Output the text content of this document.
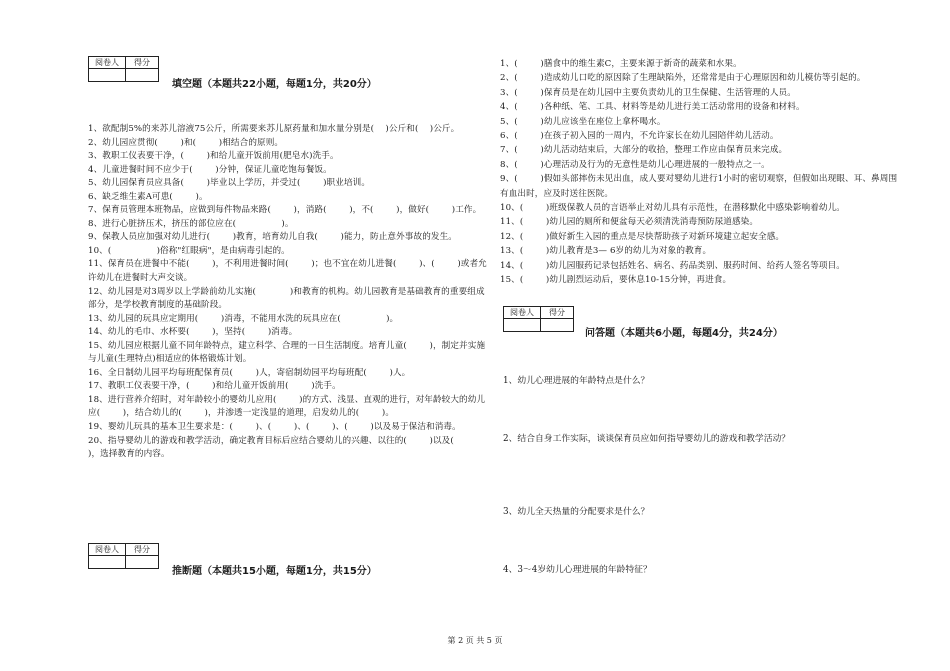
阅卷人	得分

填空题（本题共22小题，每题1分，共20分）
1、欲配制5%的来苏儿溶液75公斤，所需要来苏儿原药量和加水量分别是(    )公斤和(    )公斤。
2、幼儿园应贯彻(        )和(        )相结合的原则。
3、教职工仪表要干净，(        )和给儿童开饭前用(肥皂水)洗手。
4、儿童进餐时间不应少于(        )分钟，保证儿童吃饱每餐饭。
5、幼儿园保育员应具备(        )毕业以上学历，并受过(        )职业培训。
6、缺乏维生素A可患(        )。
7、保育员管理本班物品，应做到每件物品来路(        )，消路(        )，不(        )，做好(        )工作。
8、进行心脏挤压术，挤压的部位应在(                )。
9、保教人员应加强对幼儿进行(        )教育，培育幼儿自我(        )能力，防止意外事故的发生。
10、(                )俗称"红眼病"，是由病毒引起的。
11、保育员在进餐中不能(        )，不利用进餐时间(        )；也不宜在幼儿进餐(        )、(        )或者允许幼儿在进餐时大声交谈。
12、幼儿园是对3周岁以上学龄前幼儿实施(            )和教育的机构。幼儿园教育是基础教育的重要组成部分，是学校教育制度的基础阶段。
13、幼儿园的玩具应定期用(        )消毒，不能用水洗的玩具应在(                )。
14、幼儿的毛巾、水杯要(        )，坚持(        )消毒。
15、幼儿园应根据儿童不同年龄特点，建立科学、合理的一日生活制度。培育儿童(        )，制定并实施与儿童(生理特点)相适应的体格锻炼计划。
16、全日制幼儿园平均每班配保育员(        )人，寄宿制幼园平均每班配(        )人。
17、教职工仪表要干净，(        )和给儿童开饭前用(        )洗手。
18、进行营养介绍时，对年龄较小的婴幼儿应用(        )的方式、浅显、直观的进行，对年龄较大的幼儿应(        )，结合幼儿的(        )，并渗透一定浅显的道理，启发幼儿的(        )。
19、婴幼儿玩具的基本卫生要求是：(        )、(        )、(        )、(        )以及易于保洁和消毒。
20、指导婴幼儿的游戏和教学活动，确定教育目标后应结合婴幼儿的兴趣、以往的(        )以及(        )，选择教育的内容。
阅卷人	得分

推断题（本题共15小题，每题1分，共15分）
1、(        )膳食中的维生素C，主要来源于新奇的蔬菜和水果。
2、(        )造成幼儿口吃的原因除了生理缺陷外，还常常是由于心理原因和幼儿模仿等引起的。
3、(        )保育员是在幼儿园中主要负责幼儿的卫生保健、生活管理的人员。
4、(        )各种纸、笔、工具、材料等是幼儿进行美工活动常用的设备和材料。
5、(        )幼儿应该坐在座位上拿杯喝水。
6、(        )在孩子初入园的一周内，不允许家长在幼儿园陪伴幼儿活动。
7、(        )幼儿活动结束后，大部分的收拾，整理工作应由保育员来完成。
8、(        )心理活动及行为的无意性是幼儿心理进展的一般特点之一。
9、(        )假如头部摔伤未见出血，成人要对婴幼儿进行1小时的密切观察，但假如出现眼、耳、鼻周围有血出时，应及时送往医院。
10、(        )班级保教人员的言语举止对幼儿具有示范性，在潜移默化中感染影响着幼儿。
11、(        )幼儿园的厕所和便盆每天必须清洗消毒预防尿道感染。
12、(        )做好新生入园的重点是尽快帮助孩子对新环境建立起安全感。
13、(        )幼儿教育是3— 6岁的幼儿为对象的教育。
14、(        )幼儿园服药记录包括姓名、病名、药品类别、服药时间、给药人签名等项目。
15、(        )幼儿剧烈运动后，要休息10-15分钟，再进食。
阅卷人	得分

问答题（本题共6小题，每题4分，共24分）
1、幼儿心理进展的年龄特点是什么？
2、结合自身工作实际，谈谈保育员应如何指导婴幼儿的游戏和教学活动？
3、幼儿全天热量的分配要求是什么？
4、3～4岁幼儿心理进展的年龄特征？
第 2 页 共 5 页
